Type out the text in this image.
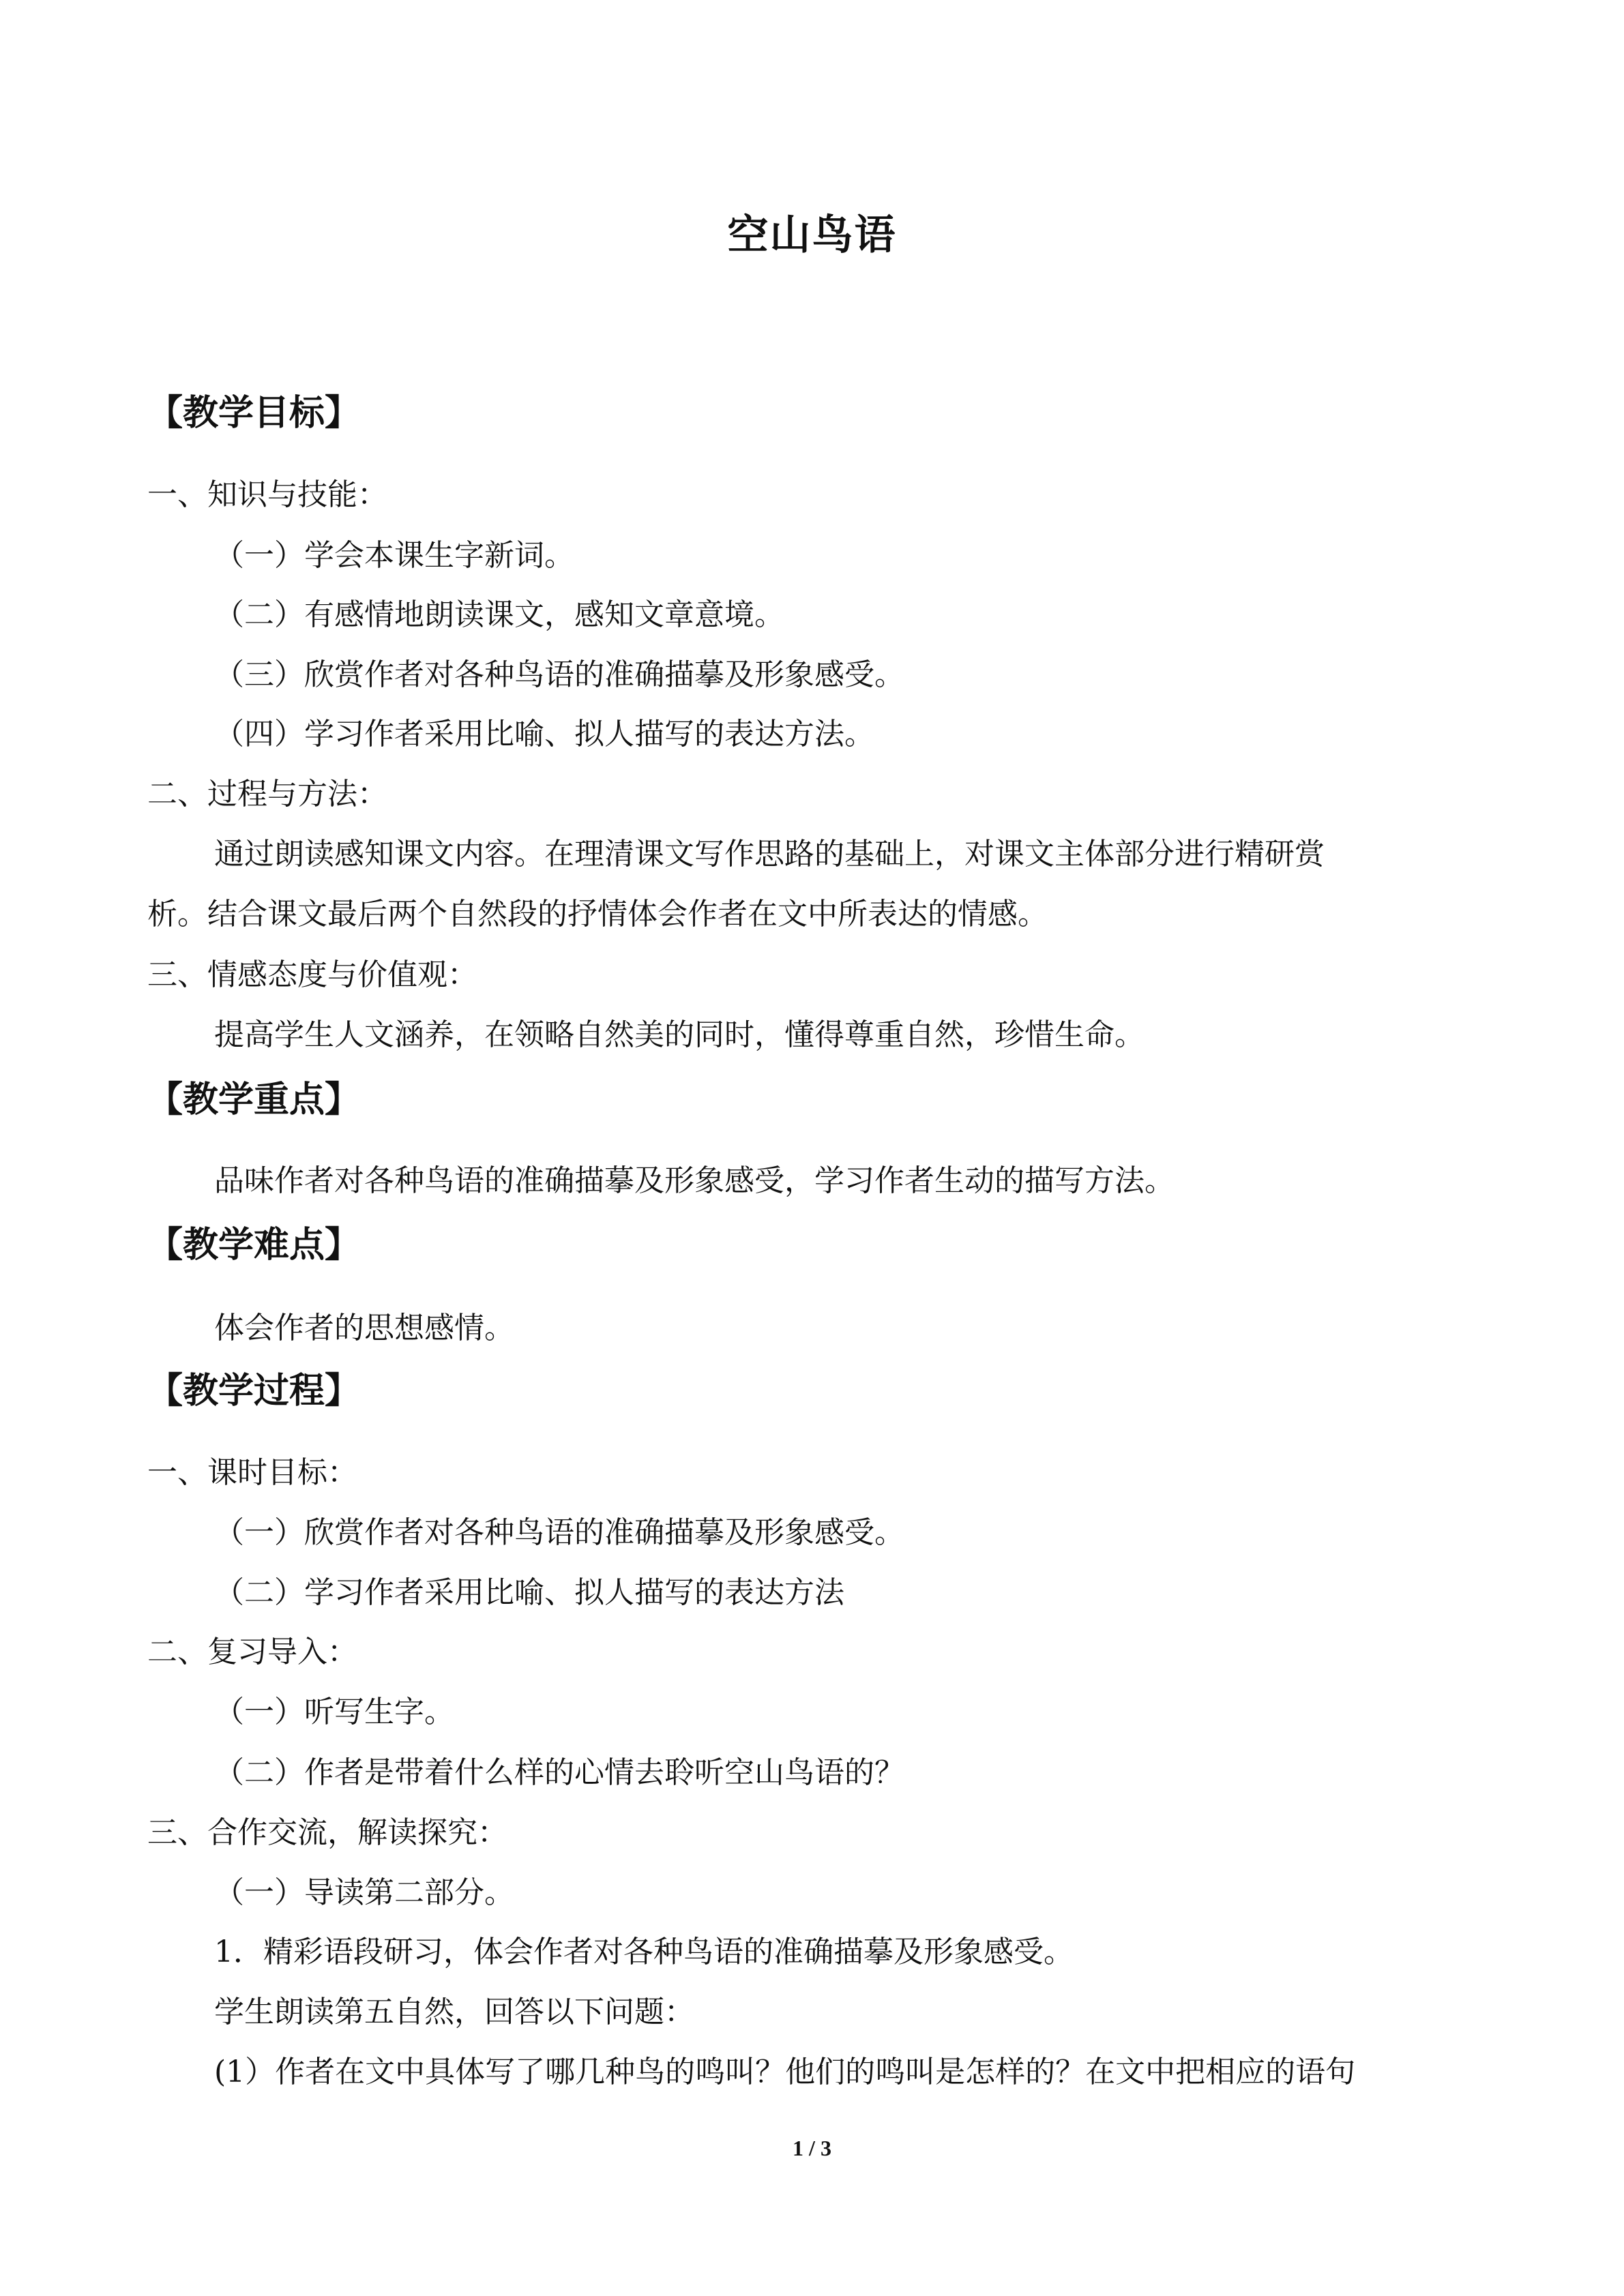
空山鸟语
【教学目标】
一、知识与技能：
（一）学会本课生字新词。
（二）有感情地朗读课文，感知文章意境。
（三）欣赏作者对各种鸟语的准确描摹及形象感受。
（四）学习作者采用比喻、拟人描写的表达方法。
二、过程与方法：
通过朗读感知课文内容。在理清课文写作思路的基础上，对课文主体部分进行精研赏
析。结合课文最后两个自然段的抒情体会作者在文中所表达的情感。
三、情感态度与价值观：
提高学生人文涵养，在领略自然美的同时，懂得尊重自然，珍惜生命。
【教学重点】
品味作者对各种鸟语的准确描摹及形象感受，学习作者生动的描写方法。
【教学难点】
体会作者的思想感情。
【教学过程】
一、课时目标：
（一）欣赏作者对各种鸟语的准确描摹及形象感受。
（二）学习作者采用比喻、拟人描写的表达方法
二、复习导入：
（一）听写生字。
（二）作者是带着什么样的心情去聆听空山鸟语的？
三、合作交流，解读探究：
（一）导读第二部分。
1．精彩语段研习，体会作者对各种鸟语的准确描摹及形象感受。
学生朗读第五自然，回答以下问题：
(1）作者在文中具体写了哪几种鸟的鸣叫？他们的鸣叫是怎样的？在文中把相应的语句
1 / 3
